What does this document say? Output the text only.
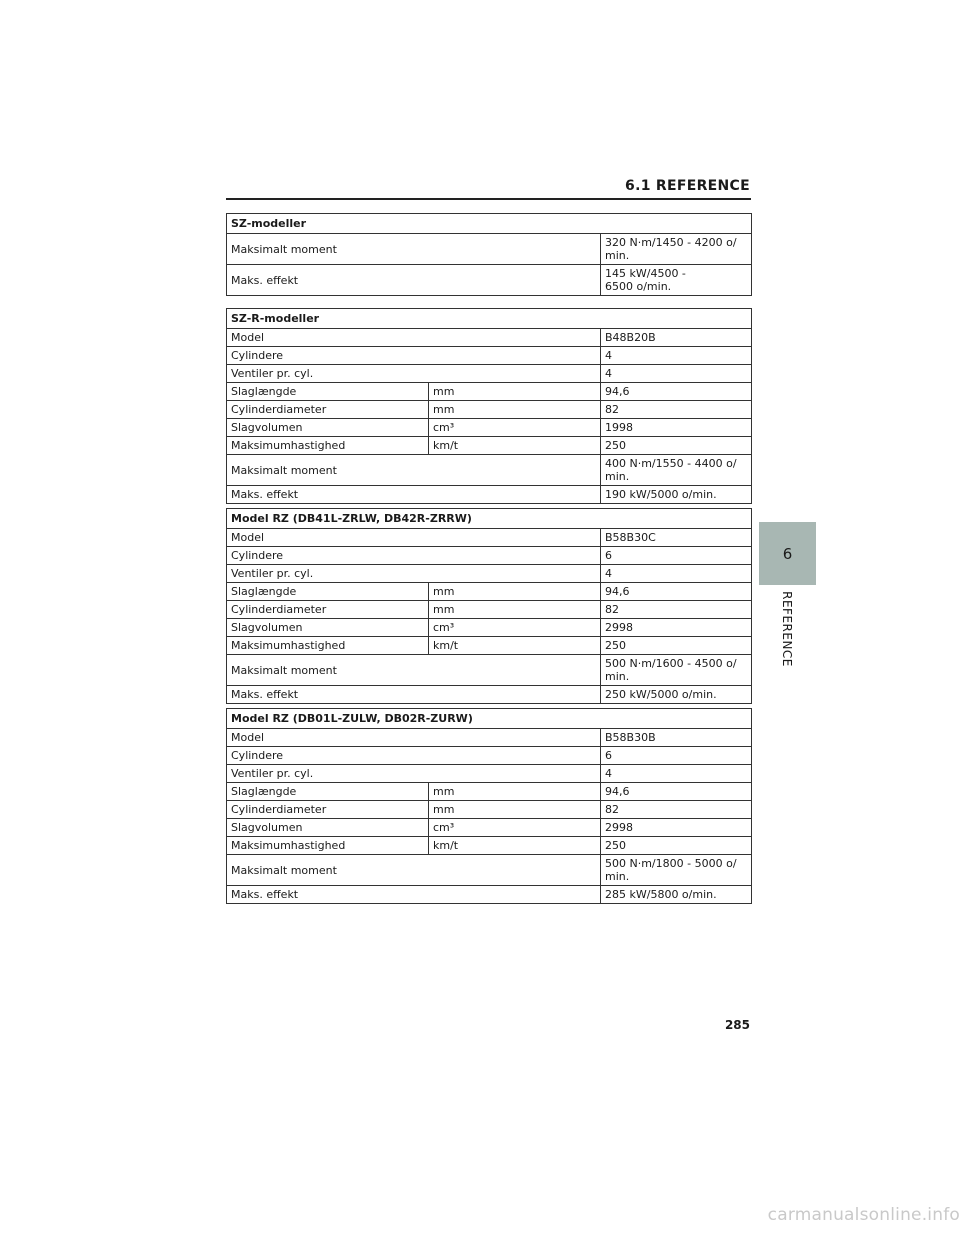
6.1 REFERENCE
6
REFERENCE
SZ-modeller	
Maksimalt moment	320 N·m/1450 - 4200 o/
min.
Maks. effekt	145 kW/4500 -
6500 o/min.
SZ-R-modeller		
Model		B48B20B
Cylindere		4
Ventiler pr. cyl.		4
Slaglængde	mm	94,6
Cylinderdiameter	mm	82
Slagvolumen	cm³	1998
Maksimumhastighed	km/t	250
Maksimalt moment		400 N·m/1550 - 4400 o/
min.
Maks. effekt		190 kW/5000 o/min.
Model RZ (DB41L-ZRLW, DB42R-ZRRW)		
Model		B58B30C
Cylindere		6
Ventiler pr. cyl.		4
Slaglængde	mm	94,6
Cylinderdiameter	mm	82
Slagvolumen	cm³	2998
Maksimumhastighed	km/t	250
Maksimalt moment		500 N·m/1600 - 4500 o/
min.
Maks. effekt		250 kW/5000 o/min.
Model RZ (DB01L-ZULW, DB02R-ZURW)		
Model		B58B30B
Cylindere		6
Ventiler pr. cyl.		4
Slaglængde	mm	94,6
Cylinderdiameter	mm	82
Slagvolumen	cm³	2998
Maksimumhastighed	km/t	250
Maksimalt moment		500 N·m/1800 - 5000 o/
min.
Maks. effekt		285 kW/5800 o/min.
285
carmanualsonline.info
